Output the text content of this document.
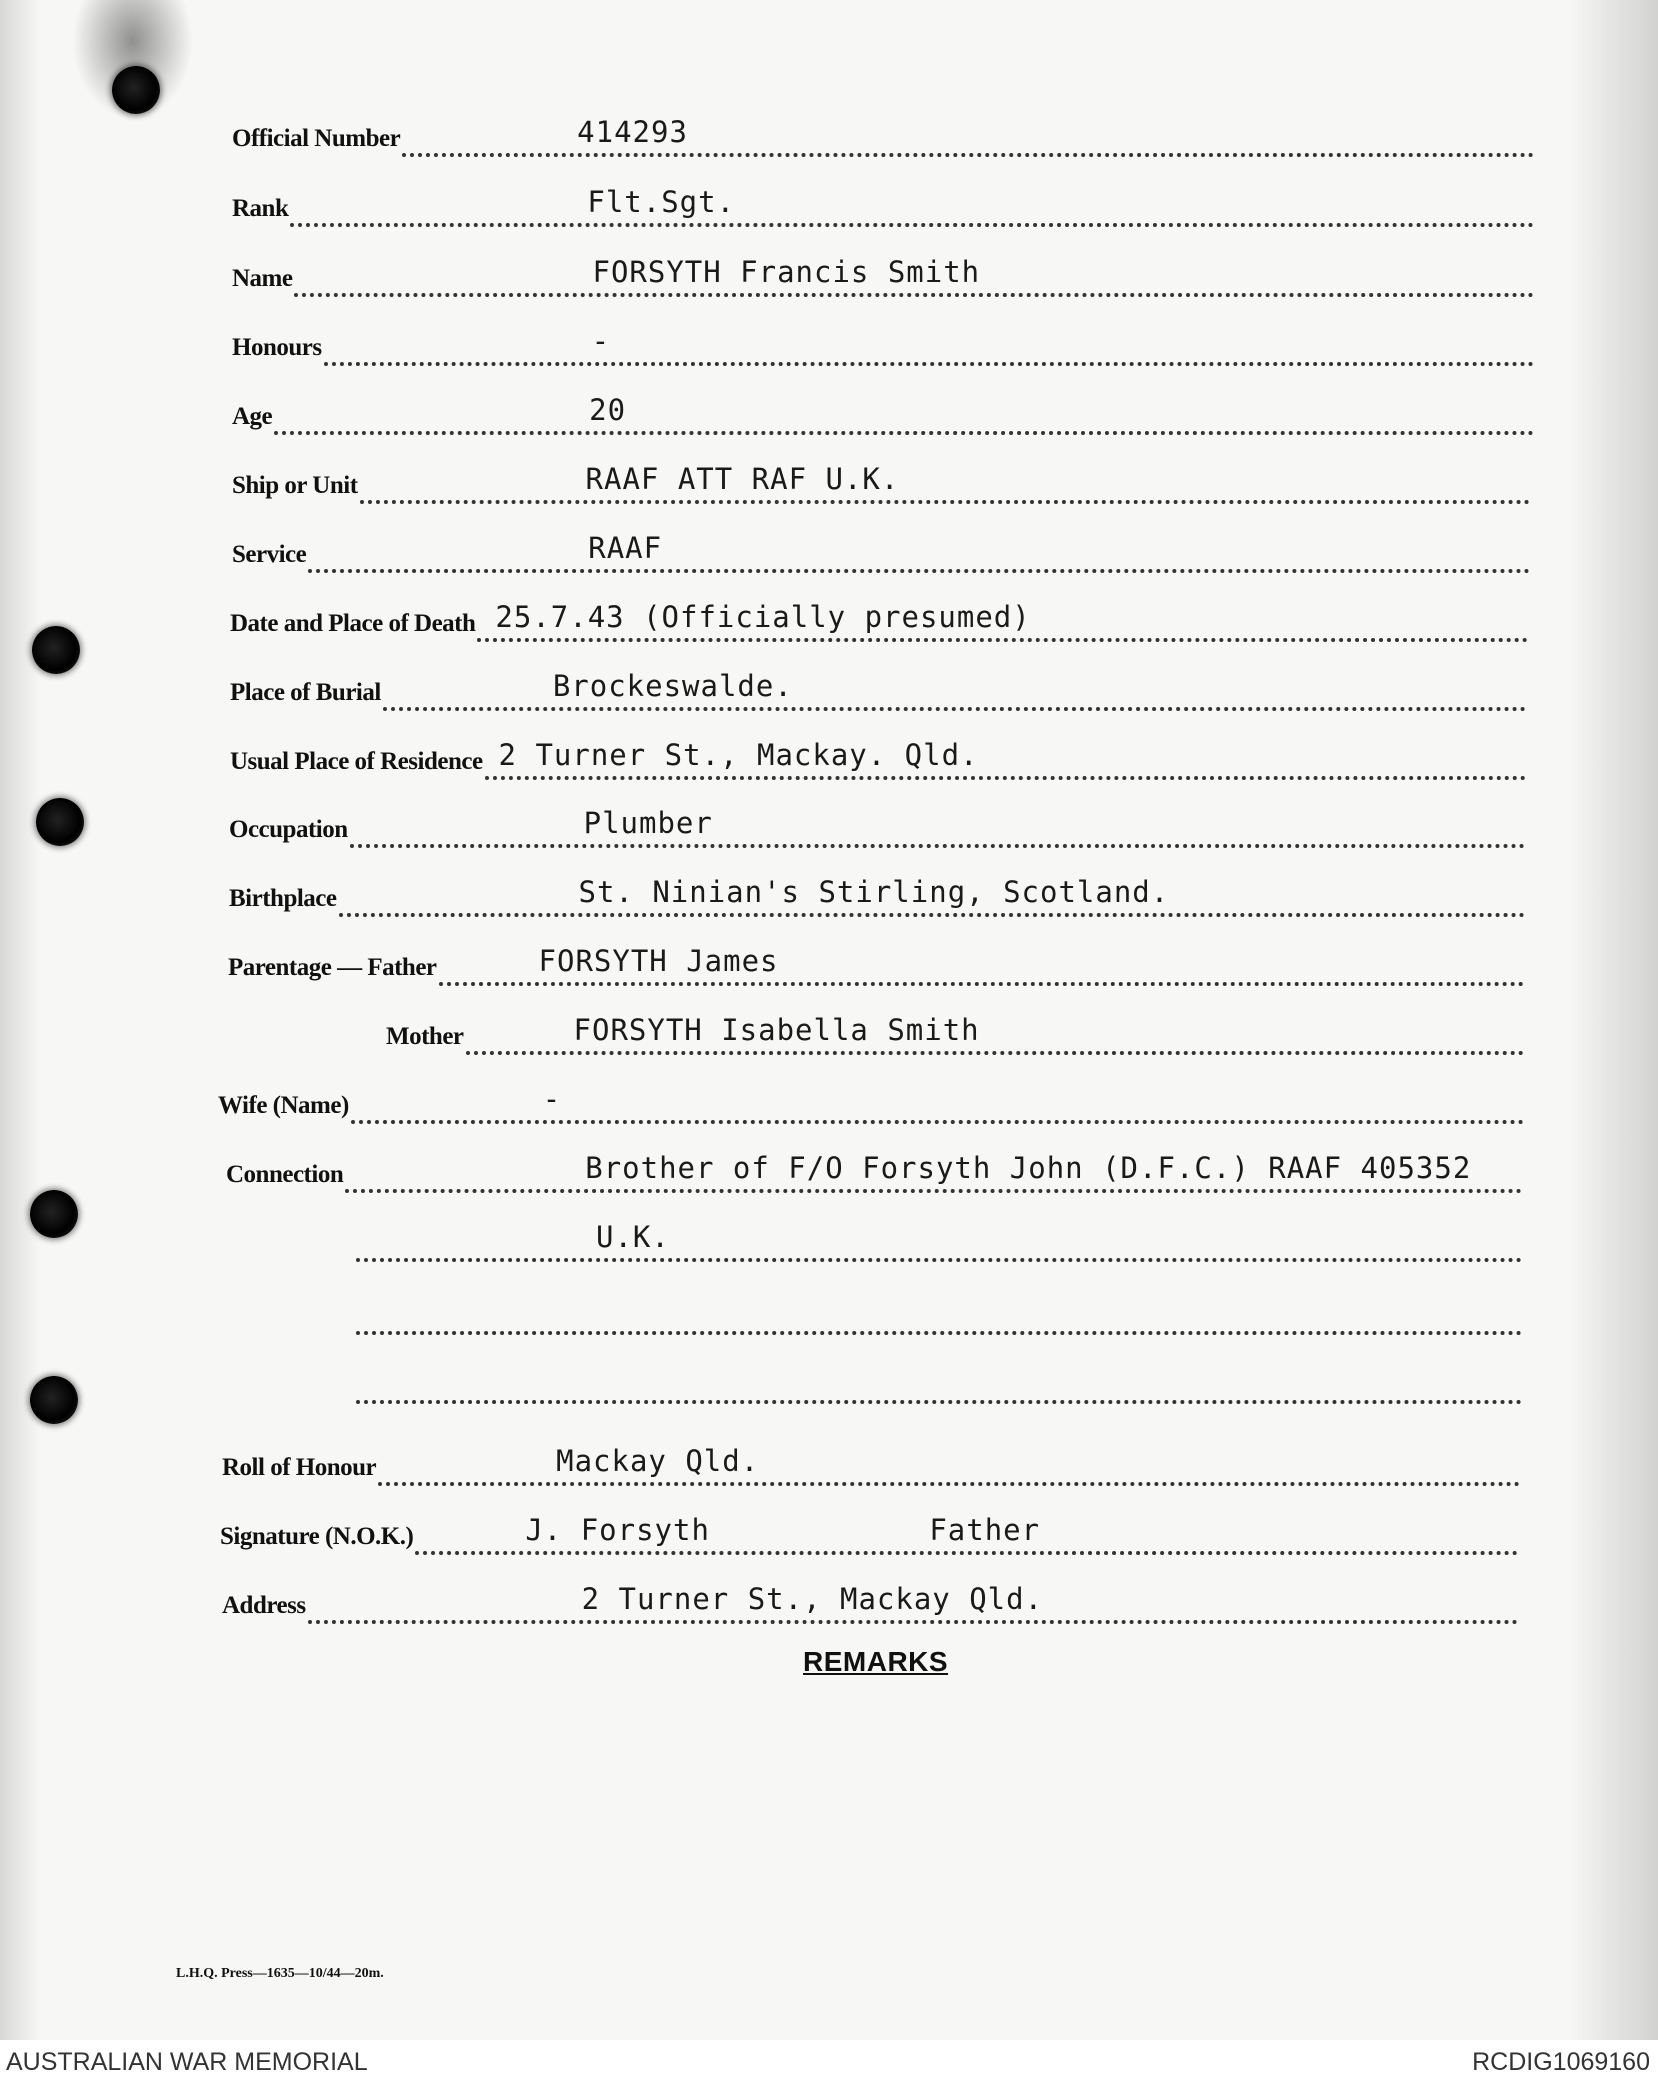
Official Number	414293
Rank	Flt.Sgt.
Name	FORSYTH Francis Smith
Honours	-
Age	20
Ship or Unit	RAAF ATT RAF U.K.
Service	RAAF
Date and Place of Death 25.7.43 (Officially presumed)
Place of Burial	Brockeswalde.
Usual Place of Residence 2 Turner St., Mackay. Qld.
Occupation	Plumber
Birthplace	St. Ninian's Stirling, Scotland.
Parentage — Father	FORSYTH James
Mother	FORSYTH Isabella Smith
Wife (Name)	-
Connection	Brother of F/O Forsyth John (D.F.C.) RAAF 405352
U.K.
Roll of Honour	Mackay Qld.
Signature (N.O.K.)	J. Forsyth	Father
Address	2 Turner St., Mackay Qld.
REMARKS
L.H.Q. Press—1635—10/44—20m.
AUSTRALIAN WAR MEMORIAL	RCDIG1069160
